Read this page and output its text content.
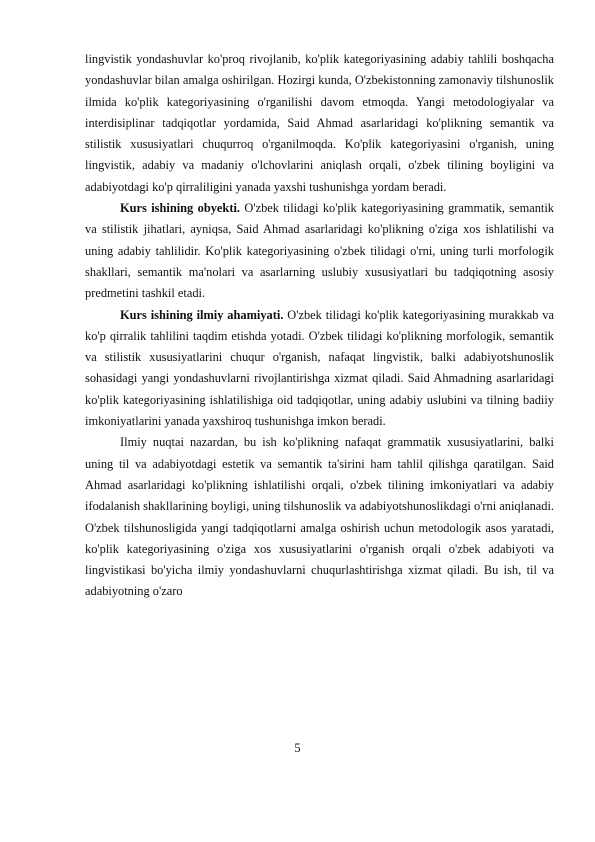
lingvistik yondashuvlar ko'proq rivojlanib, ko'plik kategoriyasining adabiy tahlili boshqacha yondashuvlar bilan amalga oshirilgan. Hozirgi kunda, O'zbekistonning zamonaviy tilshunoslik ilmida ko'plik kategoriyasining o'rganilishi davom etmoqda. Yangi metodologiyalar va interdisiplinar tadqiqotlar yordamida, Said Ahmad asarlaridagi ko'plikning semantik va stilistik xususiyatlari chuqurroq o'rganilmoqda. Ko'plik kategoriyasini o'rganish, uning lingvistik, adabiy va madaniy o'lchovlarini aniqlash orqali, o'zbek tilining boyligini va adabiyotdagi ko'p qirraliligini yanada yaxshi tushunishga yordam beradi.

Kurs ishining obyekti. O'zbek tilidagi ko'plik kategoriyasining grammatik, semantik va stilistik jihatlari, ayniqsa, Said Ahmad asarlaridagi ko'plikning o'ziga xos ishlatilishi va uning adabiy tahlilidir. Ko'plik kategoriyasining o'zbek tilidagi o'rni, uning turli morfologik shakllari, semantik ma'nolari va asarlarning uslubiy xususiyatlari bu tadqiqotning asosiy predmetini tashkil etadi.

Kurs ishining ilmiy ahamiyati. O'zbek tilidagi ko'plik kategoriyasining murakkab va ko'p qirralik tahlilini taqdim etishda yotadi. O'zbek tilidagi ko'plikning morfologik, semantik va stilistik xususiyatlarini chuqur o'rganish, nafaqat lingvistik, balki adabiyotshunoslik sohasidagi yangi yondashuvlarni rivojlantirishga xizmat qiladi. Said Ahmadning asarlaridagi ko'plik kategoriyasining ishlatilishiga oid tadqiqotlar, uning adabiy uslubini va tilning badiiy imkoniyatlarini yanada yaxshiroq tushunishga imkon beradi.

Ilmiy nuqtai nazardan, bu ish ko'plikning nafaqat grammatik xususiyatlarini, balki uning til va adabiyotdagi estetik va semantik ta'sirini ham tahlil qilishga qaratilgan. Said Ahmad asarlaridagi ko'plikning ishlatilishi orqali, o'zbek tilining imkoniyatlari va adabiy ifodalanish shakllarining boyligi, uning tilshunoslik va adabiyotshunoslikdagi o'rni aniqlanadi. O'zbek tilshunosligida yangi tadqiqotlarni amalga oshirish uchun metodologik asos yaratadi, ko'plik kategoriyasining o'ziga xos xususiyatlarini o'rganish orqali o'zbek adabiyoti va lingvistikasi bo'yicha ilmiy yondashuvlarni chuqurlashtirishga xizmat qiladi. Bu ish, til va adabiyotning o'zaro

5
